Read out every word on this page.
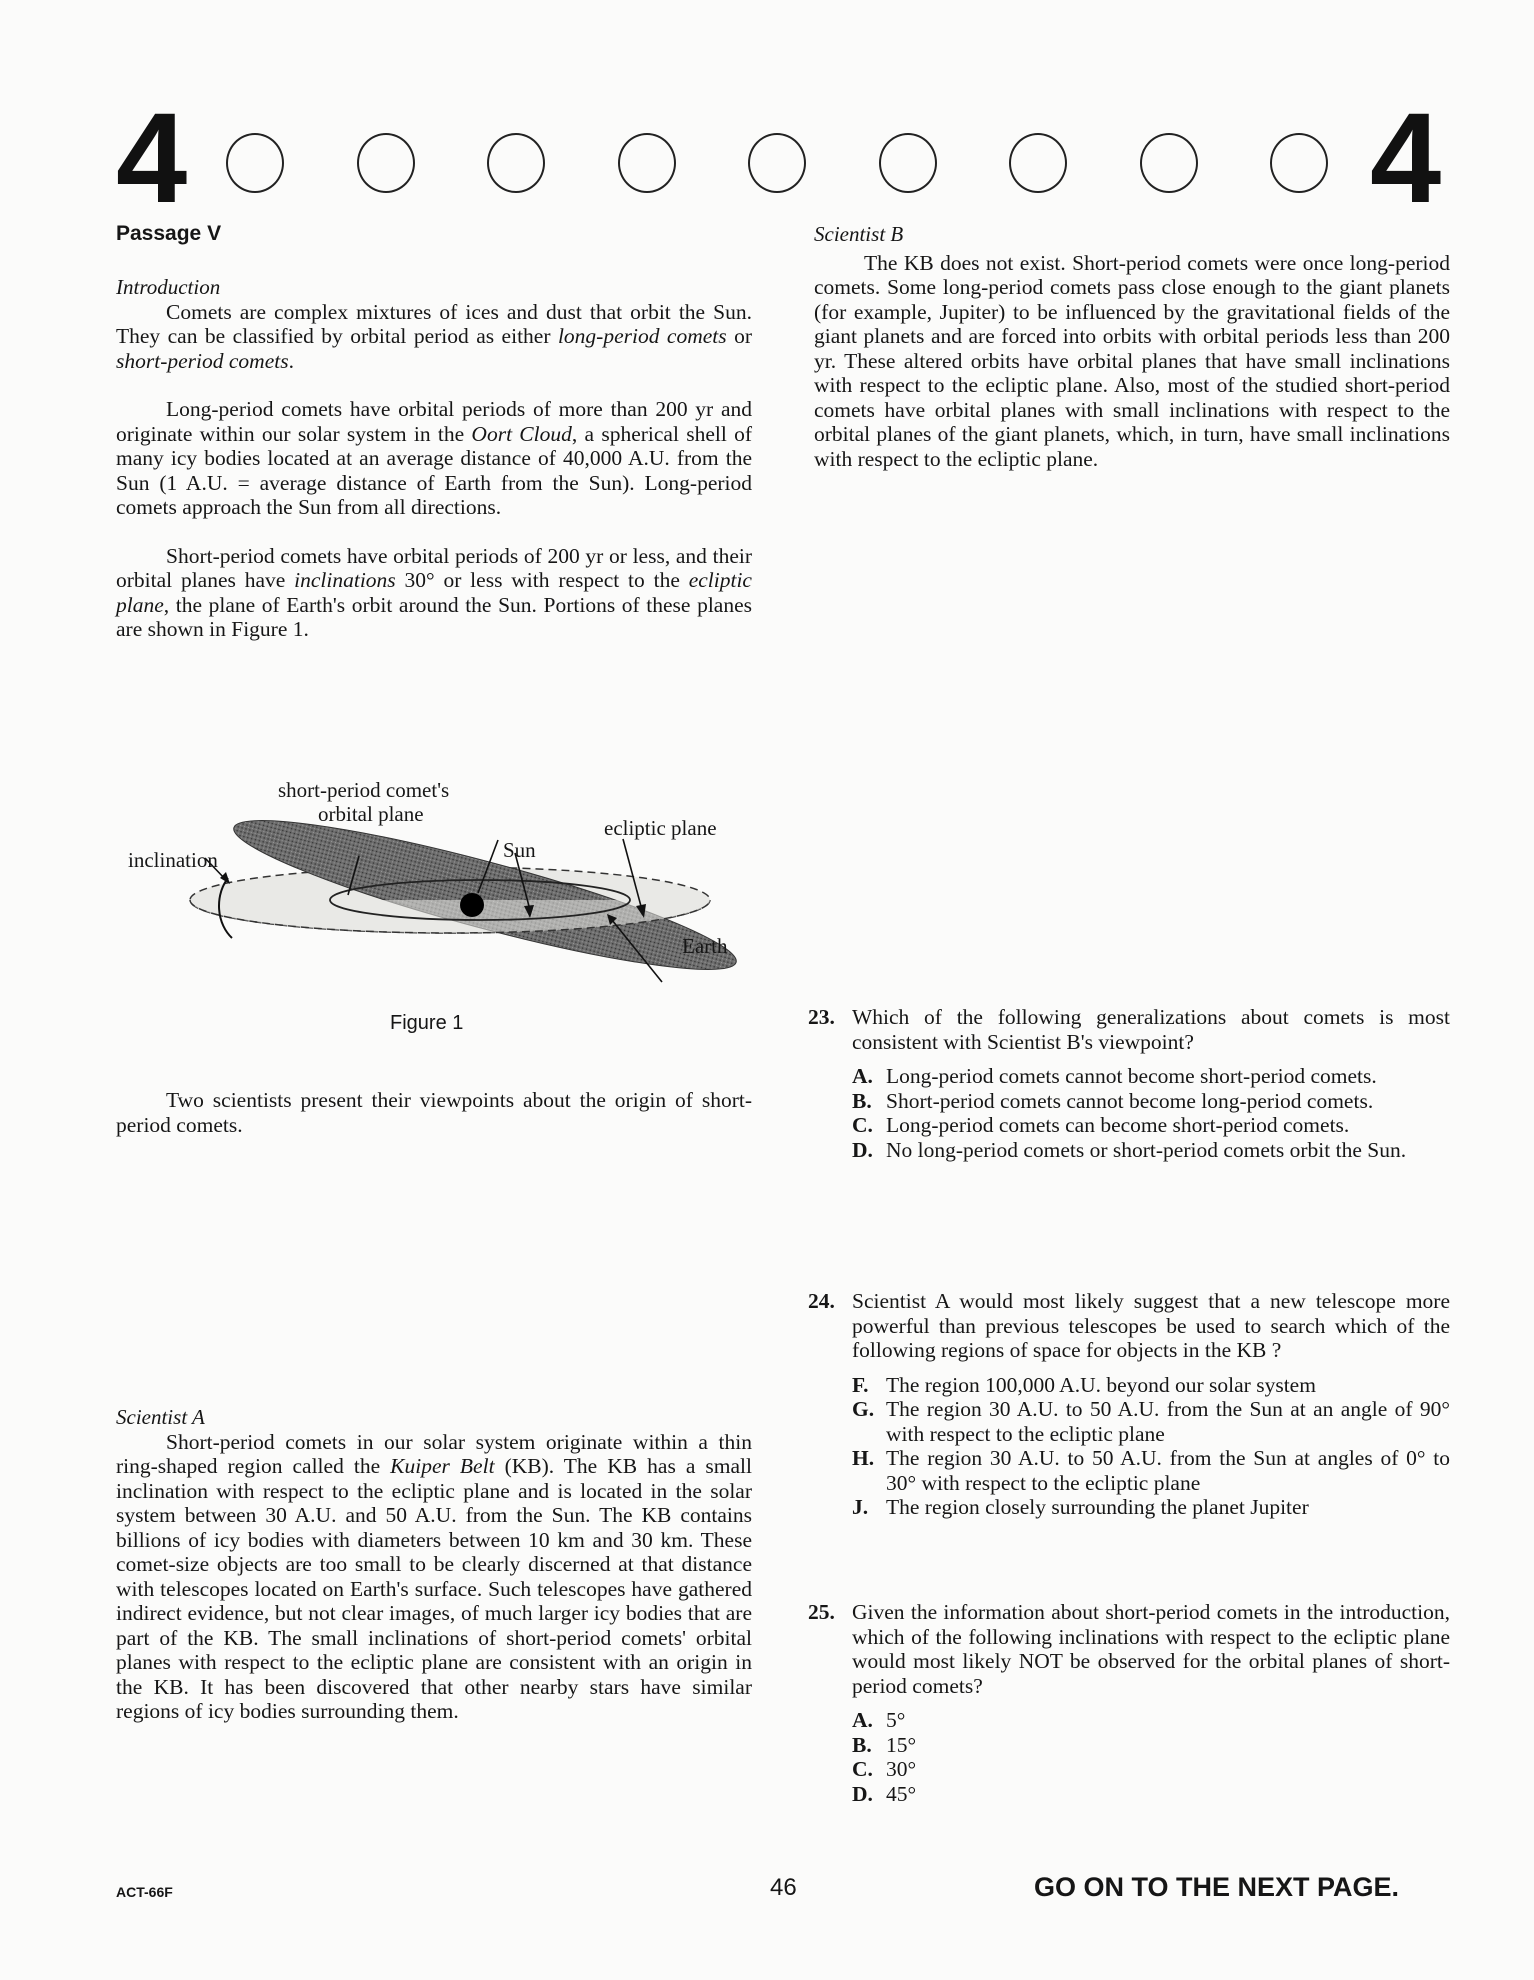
4	4
Passage V
Introduction

Comets are complex mixtures of ices and dust that orbit the Sun. They can be classified by orbital period as either long-period comets or short-period comets.

Long-period comets have orbital periods of more than 200 yr and originate within our solar system in the Oort Cloud, a spherical shell of many icy bodies located at an average distance of 40,000 A.U. from the Sun (1 A.U. = average distance of Earth from the Sun). Long-period comets approach the Sun from all directions.

Short-period comets have orbital periods of 200 yr or less, and their orbital planes have inclinations 30° or less with respect to the ecliptic plane, the plane of Earth's orbit around the Sun. Portions of these planes are shown in Figure 1.

short-period comet's
orbital plane
ecliptic plane
inclination	Sun
Earth
Figure 1

Two scientists present their viewpoints about the origin of short-period comets.

Scientist A

Short-period comets in our solar system originate within a thin ring-shaped region called the Kuiper Belt (KB). The KB has a small inclination with respect to the ecliptic plane and is located in the solar system between 30 A.U. and 50 A.U. from the Sun. The KB contains billions of icy bodies with diameters between 10 km and 30 km. These comet-size objects are too small to be clearly discerned at that distance with telescopes located on Earth's surface. Such telescopes have gathered indirect evidence, but not clear images, of much larger icy bodies that are part of the KB. The small inclinations of short-period comets' orbital planes with respect to the ecliptic plane are consistent with an origin in the KB. It has been discovered that other nearby stars have similar regions of icy bodies surrounding them.

Scientist B

The KB does not exist. Short-period comets were once long-period comets. Some long-period comets pass close enough to the giant planets (for example, Jupiter) to be influenced by the gravitational fields of the giant planets and are forced into orbits with orbital periods less than 200 yr. These altered orbits have orbital planes that have small inclinations with respect to the ecliptic plane. Also, most of the studied short-period comets have orbital planes with small inclinations with respect to the orbital planes of the giant planets, which, in turn, have small inclinations with respect to the ecliptic plane.

23. Which of the following generalizations about comets is most consistent with Scientist B's viewpoint?
A. Long-period comets cannot become short-period comets.
B. Short-period comets cannot become long-period comets.
C. Long-period comets can become short-period comets.
D. No long-period comets or short-period comets orbit the Sun.
24. Scientist A would most likely suggest that a new telescope more powerful than previous telescopes be used to search which of the following regions of space for objects in the KB ?
F. The region 100,000 A.U. beyond our solar system
G. The region 30 A.U. to 50 A.U. from the Sun at an angle of 90° with respect to the ecliptic plane
H. The region 30 A.U. to 50 A.U. from the Sun at angles of 0° to 30° with respect to the ecliptic plane
J. The region closely surrounding the planet Jupiter
25. Given the information about short-period comets in the introduction, which of the following inclinations with respect to the ecliptic plane would most likely NOT be observed for the orbital planes of short-period comets?
A. 5°
B. 15°
C. 30°
D. 45°
ACT-66F	46	GO ON TO THE NEXT PAGE.
